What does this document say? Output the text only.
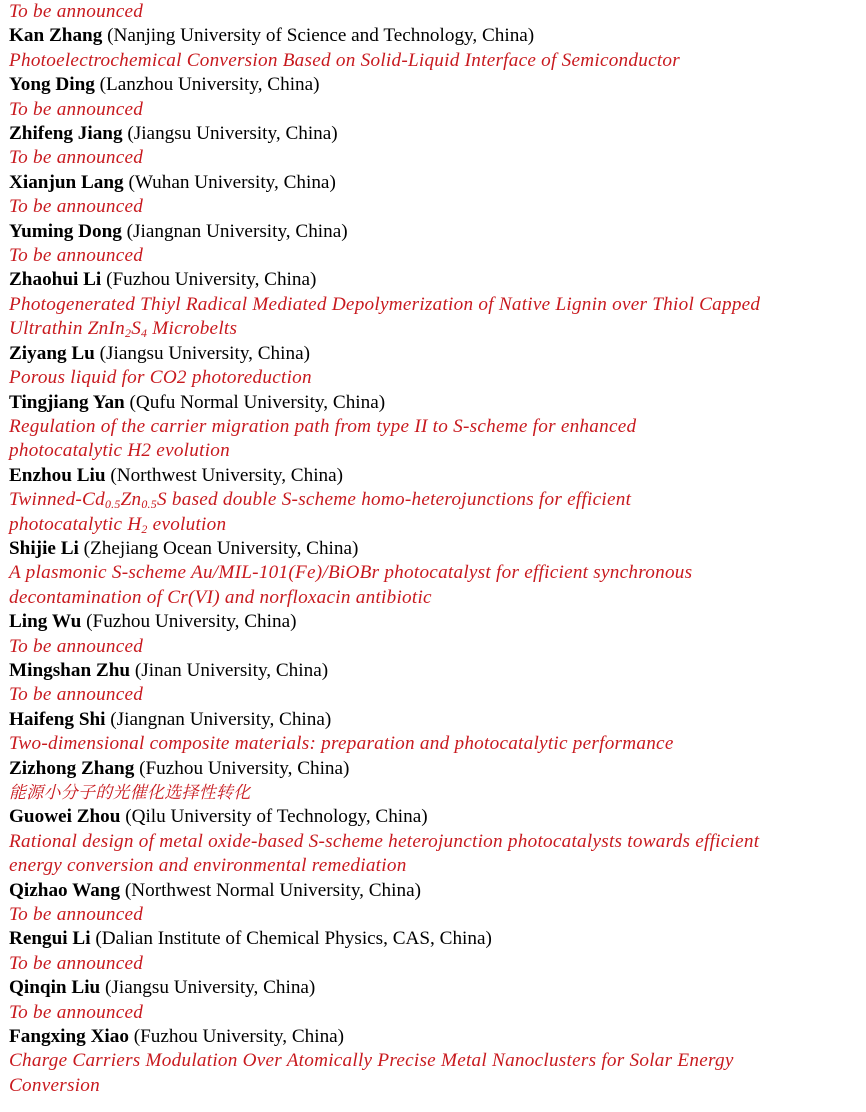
To be announced
Kan Zhang (Nanjing University of Science and Technology, China)
Photoelectrochemical Conversion Based on Solid-Liquid Interface of Semiconductor
Yong Ding (Lanzhou University, China)
To be announced
Zhifeng Jiang (Jiangsu University, China)
To be announced
Xianjun Lang (Wuhan University, China)
To be announced
Yuming Dong (Jiangnan University, China)
To be announced
Zhaohui Li (Fuzhou University, China)
Photogenerated Thiyl Radical Mediated Depolymerization of Native Lignin over Thiol Capped Ultrathin $ZnIn_2S_4$ Microbelts
Ziyang Lu (Jiangsu University, China)
Porous liquid for CO2 photoreduction
Tingjiang Yan (Qufu Normal University, China)
Regulation of the carrier migration path from type II to S-scheme for enhanced photocatalytic H2 evolution
Enzhou Liu (Northwest University, China)
Twinned-$Cd_{0.5}Zn_{0.5}S$ based double S-scheme homo-heterojunctions for efficient photocatalytic $H_2$ evolution
Shijie Li (Zhejiang Ocean University, China)
A plasmonic S-scheme Au/MIL-101(Fe)/BiOBr photocatalyst for efficient synchronous decontamination of Cr(VI) and norfloxacin antibiotic
Ling Wu (Fuzhou University, China)
To be announced
Mingshan Zhu (Jinan University, China)
To be announced
Haifeng Shi (Jiangnan University, China)
Two-dimensional composite materials: preparation and photocatalytic performance
Zizhong Zhang (Fuzhou University, China)
能源小分子的光催化选择性转化
Guowei Zhou (Qilu University of Technology, China)
Rational design of metal oxide-based S-scheme heterojunction photocatalysts towards efficient energy conversion and environmental remediation
Qizhao Wang (Northwest Normal University, China)
To be announced
Rengui Li (Dalian Institute of Chemical Physics, CAS, China)
To be announced
Qinqin Liu (Jiangsu University, China)
To be announced
Fangxing Xiao (Fuzhou University, China)
Charge Carriers Modulation Over Atomically Precise Metal Nanoclusters for Solar Energy Conversion
